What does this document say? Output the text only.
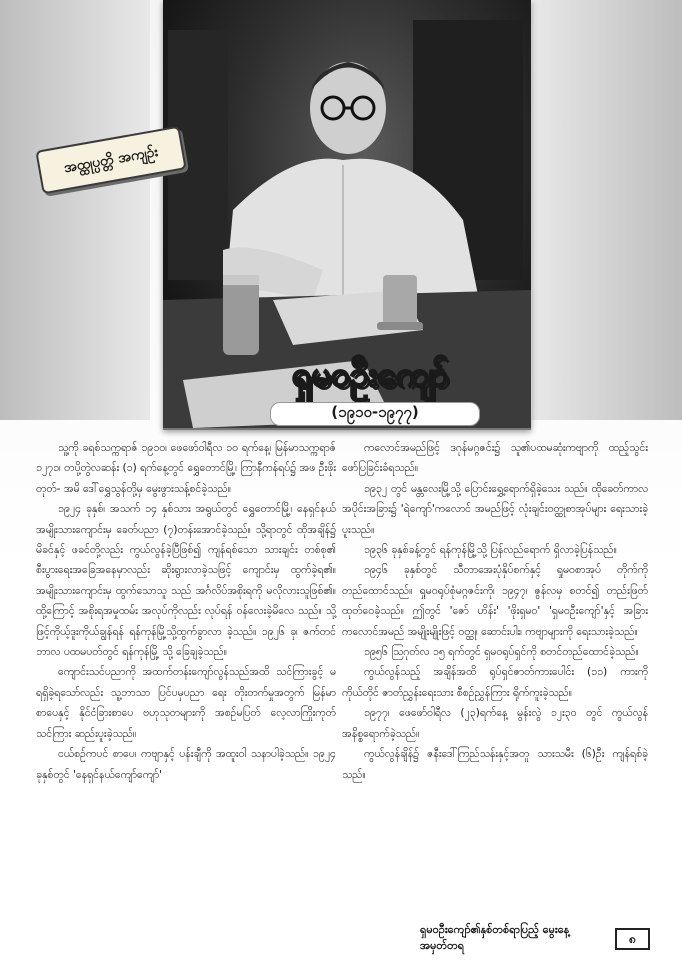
အထ္ထုပ္ပတ္တိ အကျဉ်း
ရှမဝဦးကျော်
(၁၉၁၀-၁၉၇၇)

သူ့ကို ခရစ်သက္ကရာဇ် ၁၉၁၀၊ ဖေဖော်ဝါရီလ ၁၀ ရက်နေ့၊ မြန်မာသက္ကရာဇ် ၁၂၇၁၊ တပို့တွဲလဆန်း (၁) ရက်နေ့တွင် ရွှေတောင်မြို့၊ ကြာနီကန်ရပ်၌ အဖ ဦးဖိုးတုတ်- အမိ ဒေါ်ရွှေသွန်တို့မှ မွေးဖွားသန့်စင်ခဲ့သည်။

၁၉၂၄ ခုနှစ်၊ အသက် ၁၄ နှစ်သား အရွယ်တွင် ရွှေတောင်မြို့၊ နေရှင်နယ်အမျိုးသားကျောင်းမှ ခေတ်ပညာ (၇)တန်းအောင်ခဲ့သည်။ သို့ရာတွင် ထိုအချိန်၌ မိခင်နှင့် ဖခင်တို့လည်း ကွယ်လွန်ခဲ့ပြီဖြစ်၍ ကျန်ရစ်သော သားချင်း တစ်စု၏ စီးပွားရေးအခြေအနေမှာလည်း ဆိုးရွားလာခဲ့သဖြင့် ကျောင်းမှ ထွက်ခဲ့ရ၏။ အမျိုးသားကျောင်းမှ ထွက်သောသူ သည် အင်္ဂလိပ်အစိုးရကို မလိုလားသူဖြစ်၏။ ထို့ကြောင့် အစိုးရအမှုထမ်း အလုပ်ကိုလည်း လုပ်ရန် ဝန်လေးခဲ့မိလေ သည်။ သို့ဖြင့်ကိုယ့်ဒူးကိုယ်ချွန်ရန် ရန်ကုန်မြို့သို့ထွက်ခွာလာ ခဲ့သည်။ ၁၉၂၆ ခု၊ ဇက်တင်ဘာလ ပထမပတ်တွင် ရန်ကုန်မြို့ သို့ ခြေချခဲ့သည်။

ကျောင်းသင်ပညာကို အထက်တန်းကျော်လွန်သည်အထိ သင်ကြားခွင့် မရရှိခဲ့ရသော်လည်း သူ့ဘာသာ ပြင်ပမှပညာ ရေး တိုးတက်မှုအတွက် မြန်မာစာပေနှင့် နိုင်ငံခြားစာပေ ဗဟုသုတများကို အစဉ်မပြတ် လေ့လာကြိုးကုတ် သင်ကြား ဆည်းပူးခဲ့သည်။

ငယ်စဉ်ကပင် စာပေ၊ ကဗျာနှင့် ပန်းချီကို အထူးဝါ သနာပါခဲ့သည်။ ၁၉၂၄ ခုနှစ်တွင် 'နေရှင်နယ်ကျော်ကျော်'

ကလောင်အမည်ဖြင့် ဒဂုန်မဂ္ဂဇင်း၌ သူ၏ပထမဆုံးကဗျာကို ထည့်သွင်းဖော်ပြခြင်းခံရသည်။

၁၉၃၂ တွင် မန္တလေးမြို့သို့ ပြောင်းရွှေ့ရောက်ရှိခဲ့သေး သည်။ ထိုခေတ်ကာလအပိုင်းအခြား၌ 'ရဲကျော်'ကလောင် အမည်ဖြင့် လုံးချင်းဝတ္ထုစာအုပ်များ ရေးသားခဲ့ပူးသည်။

၁၉၃၆ ခုနှစ်ခန့်တွင် ရန်ကုန်မြို့သို့ ပြန်လည်ရောက် ရှိလာခဲ့ပြန်သည်။

၁၉၄၆ ခုနှစ်တွင် သီတာအေးပုံနှိပ်စက်နှင့် ရှုမဝစာအုပ် တိုက်ကို တည်ထောင်သည်။ ရှုမဝရုပ်စုံမဂ္ဂဇင်းကို၊ ၁၉၄၇၊ ဇွန်လမှ စတင်၍ တည်းဖြတ်ထုတ်ဝေခဲ့သည်။ ဤတွင် 'ဇော် ဟိန်း' 'ဖိုးရှမဝ' 'ရှမဝဦးကျော်'နှင့် အခြားကလောင်အမည် အမျိုးမျိုးဖြင့် ဝတ္ထု၊ ဆောင်းပါး၊ ကဗျာများကို ရေးသားခဲ့သည်။

၁၉၅၆ ဩဂုတ်လ ၁၅ ရက်တွင် ရှမဝရုပ်ရှင်ကို စတင်တည်ထောင်ခဲ့သည်။

ကွယ်လွန်သည့် အချိန်အထိ ရုပ်ရှင်ဇာတ်ကားပေါင်း (၁၁) ကားကို ကိုယ်တိုင် ဇာတ်ညွှန်းရေးသား စီစဉ်ညွှန်ကြား ရိုက်ကူးခဲ့သည်။

၁၉၇၇၊ ဖေဖော်ဝါရီလ (၂၃)ရက်နေ့ မွန်းလွဲ ၁၂း၃၀ တွင် ကွယ်လွန်အနိစ္စရောက်ခဲ့သည်။

ကွယ်လွန်ချိန်၌ ဇနီးဒေါ်ကြည်သန်းနှင့်အတူ သားသမီး (၆)ဦး ကျန်ရစ်ခဲ့သည်။

ရှမဝဦးကျော်၏နှစ်တစ်ရာပြည့် မွေးနေ့အမှတ်တရ	၈
